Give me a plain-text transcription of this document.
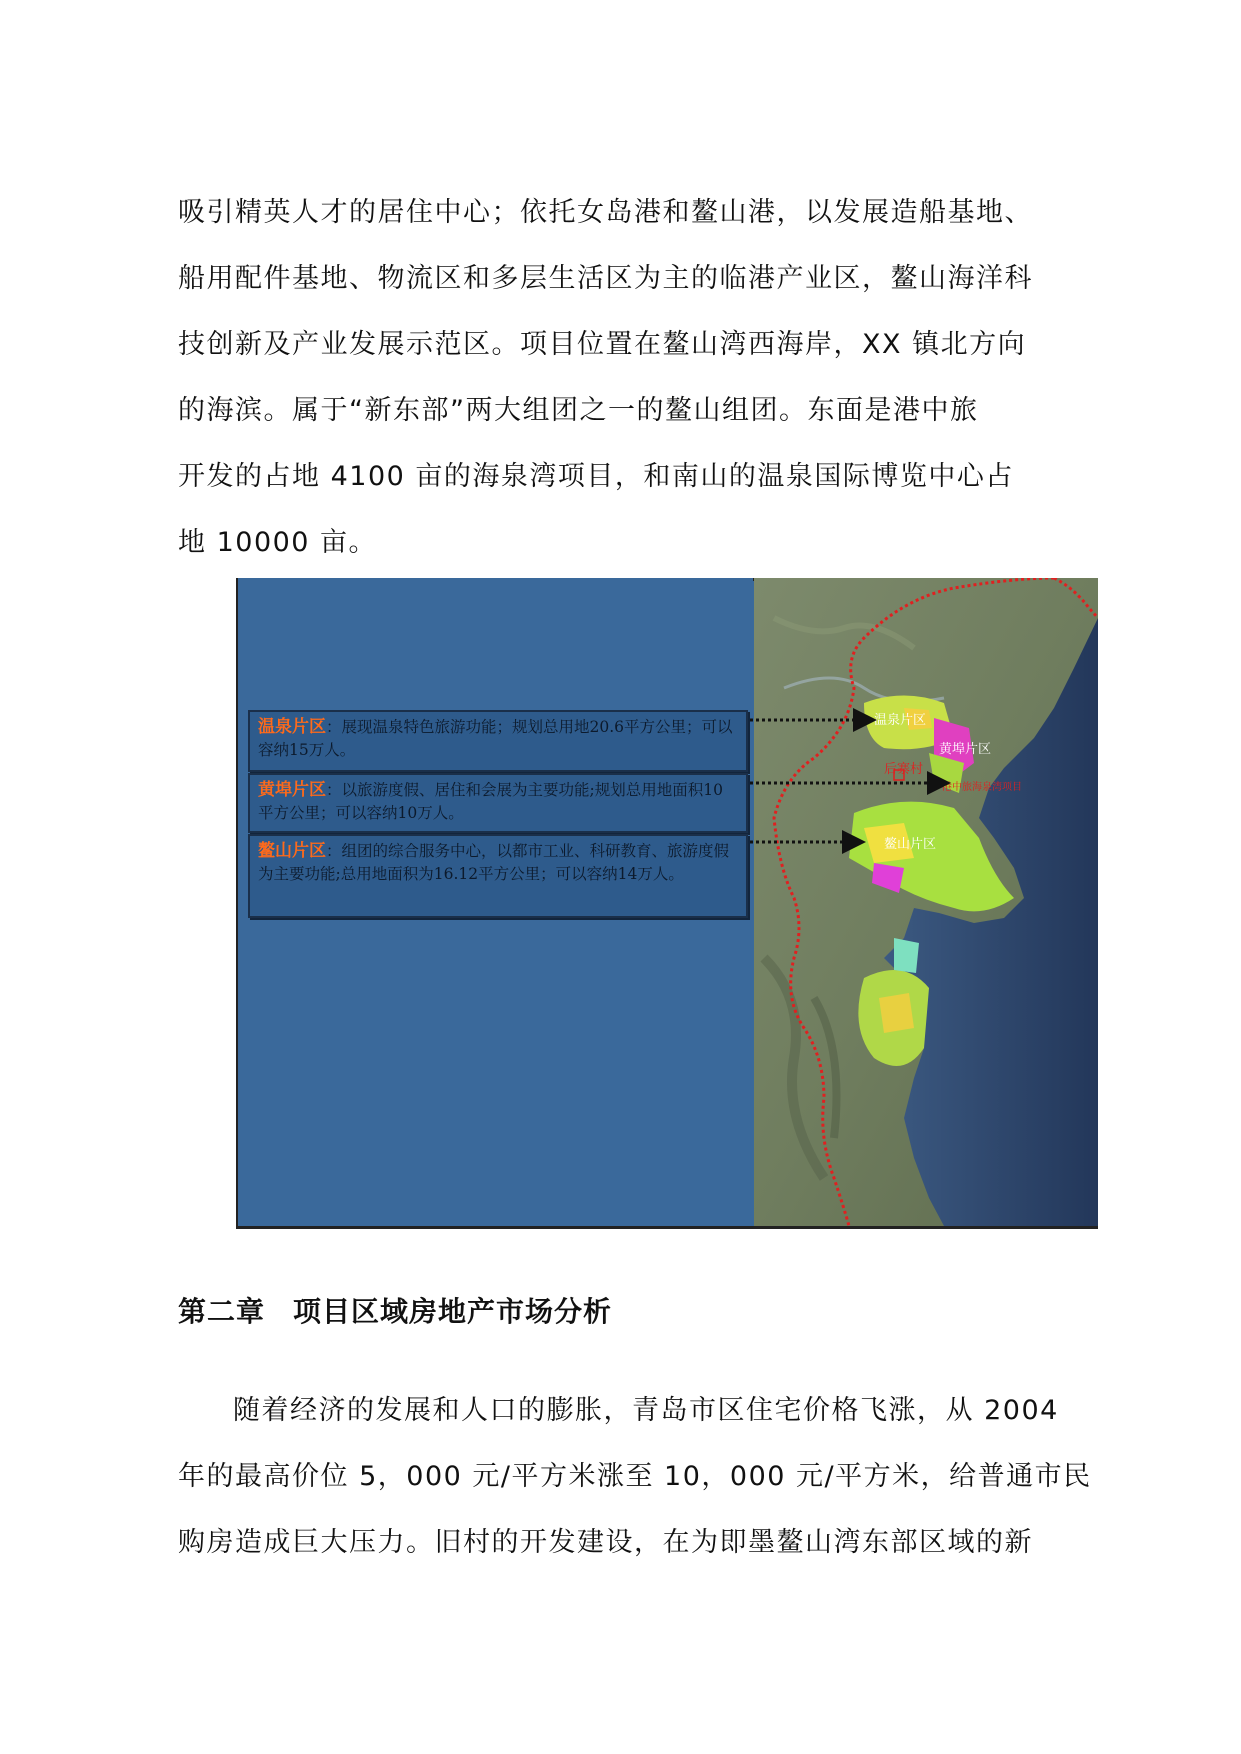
吸引精英人才的居住中心；依托女岛港和鳌山港，以发展造船基地、
船用配件基地、物流区和多层生活区为主的临港产业区，鳌山海洋科
技创新及产业发展示范区。项目位置在鳌山湾西海岸，XX 镇北方向
的海滨。属于“新东部”两大组团之一的鳌山组团。东面是港中旅
开发的占地 4100 亩的海泉湾项目，和南山的温泉国际博览中心占
地 10000 亩。
温泉片区：展现温泉特色旅游功能；规划总用地20.6平方公里；可以容纳15万人。
黄埠片区：以旅游度假、居住和会展为主要功能;规划总用地面积10平方公里；可以容纳10万人。
鳌山片区：组团的综合服务中心，以都市工业、科研教育、旅游度假为主要功能;总用地面积为16.12平方公里；可以容纳14万人。
温泉片区
黄埠片区
后寨村
港中旅海泉湾项目
鳌山片区
第二章 项目区域房地产市场分析
随着经济的发展和人口的膨胀，青岛市区住宅价格飞涨，从 2004
年的最高价位 5，000 元/平方米涨至 10，000 元/平方米，给普通市民
购房造成巨大压力。旧村的开发建设，在为即墨鳌山湾东部区域的新
